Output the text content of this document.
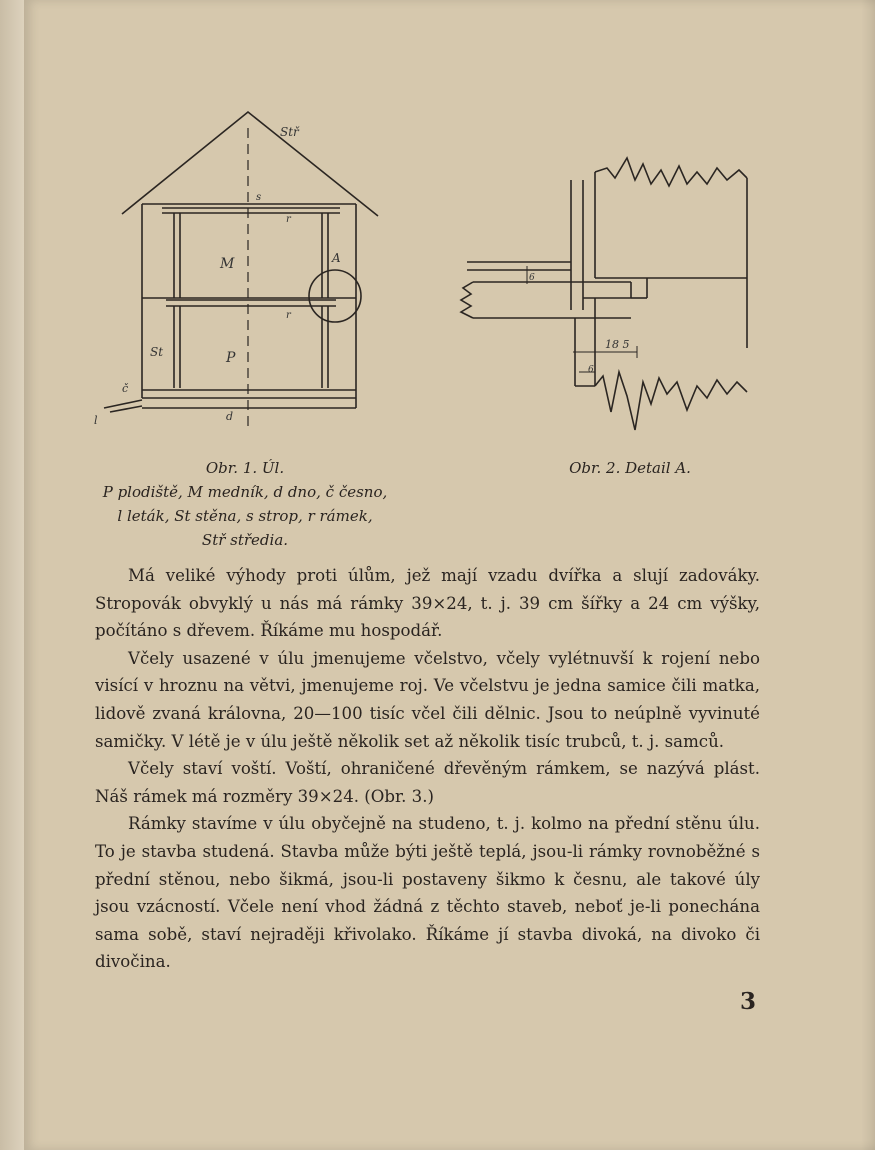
Stř
s
r
M	A
r
St	P
č
d
l
6
18 5
6
Obr. 1. Úl.
P plodiště, M medník, d dno, č česno,
l leták, St stěna, s strop, r rámek,
Stř středia.
Obr. 2. Detail A.

Má veliké výhody proti úlům, jež mají vzadu dvířka a slují zadováky. Stropovák obvyklý u nás má rámky 39×24, t. j. 39 cm šířky a 24 cm výšky, počítáno s dřevem. Říkáme mu hospodář.

Včely usazené v úlu jmenujeme včelstvo, včely vylétnuvší k rojení nebo visící v hroznu na větvi, jmenujeme roj. Ve včelstvu je jedna samice čili matka, lidově zvaná královna, 20—100 tisíc včel čili dělnic. Jsou to neúplně vyvinuté samičky. V létě je v úlu ještě několik set až několik tisíc trubců, t. j. samců.

Včely staví voští. Voští, ohraničené dřevěným rámkem, se nazývá plást. Náš rámek má rozměry 39×24. (Obr. 3.)

Rámky stavíme v úlu obyčejně na studeno, t. j. kolmo na přední stěnu úlu. To je stavba studená. Stavba může býti ještě teplá, jsou-li rámky rovnoběžné s přední stěnou, nebo šikmá, jsou-li postaveny šikmo k česnu, ale takové úly jsou vzácností. Včele není vhod žádná z těchto staveb, neboť je-li ponechána sama sobě, staví nejraději křivolako. Říkáme jí stavba divoká, na divoko či divočina.

3
